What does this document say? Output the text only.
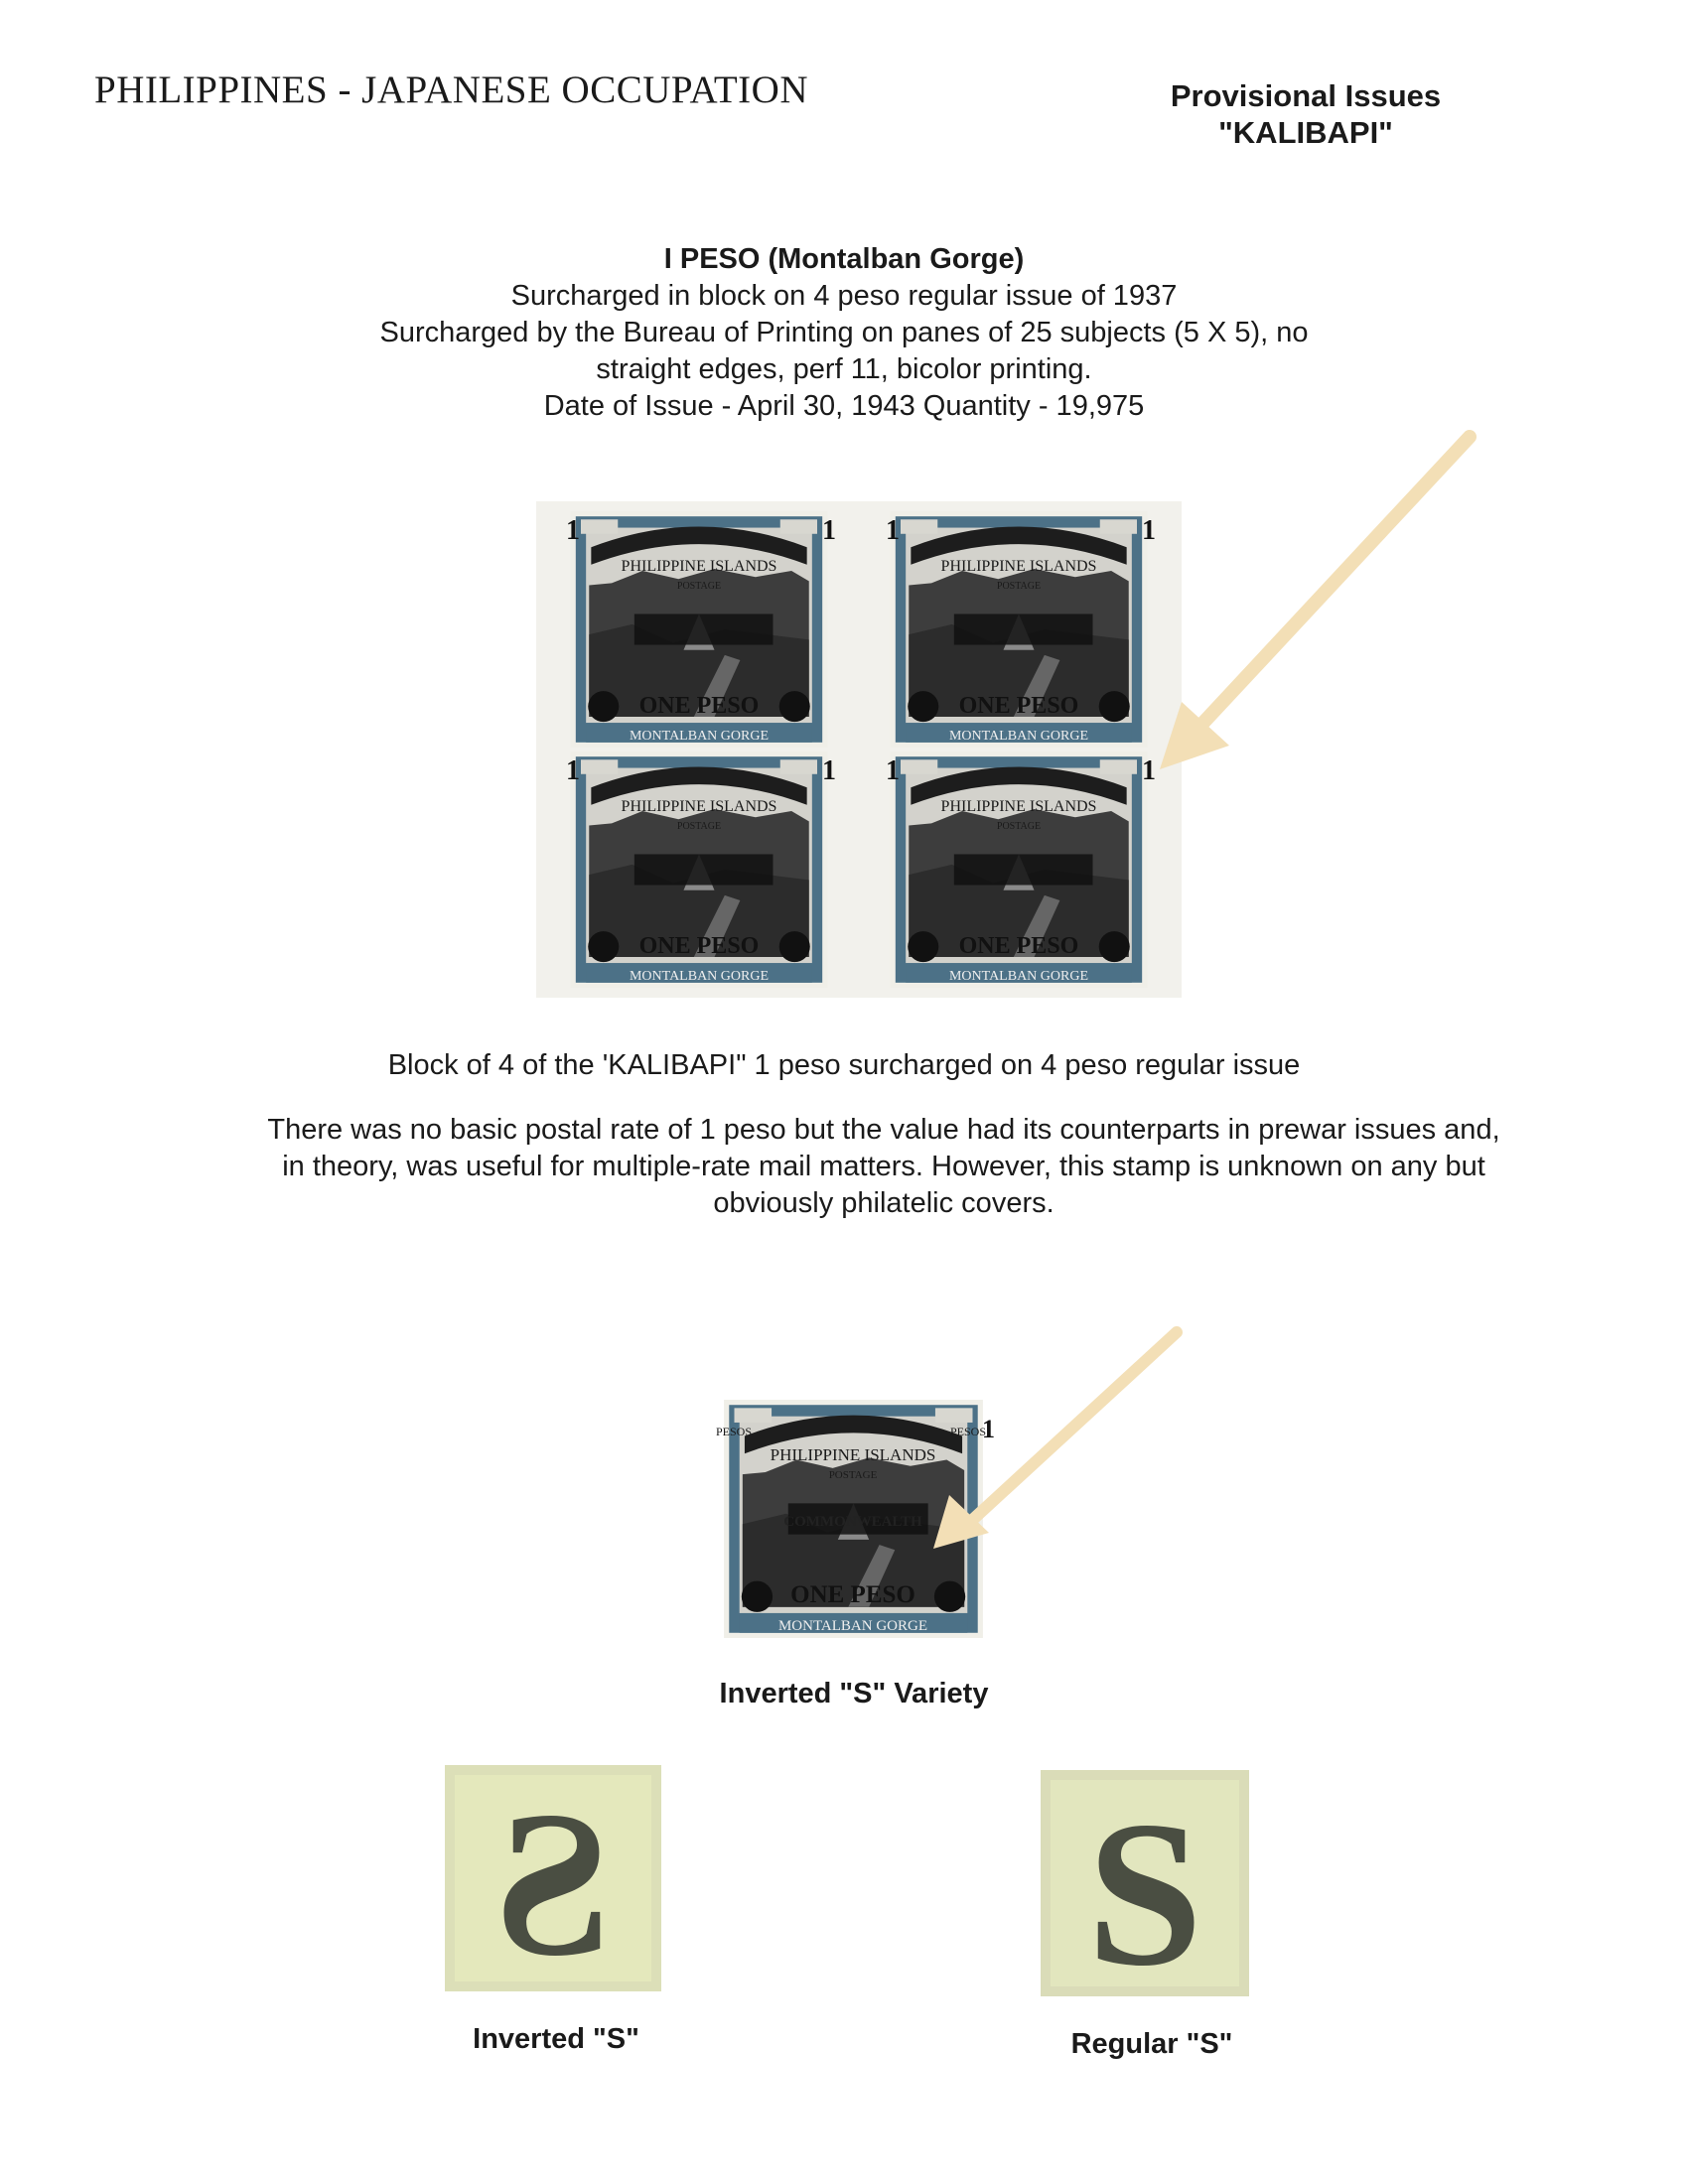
PHILIPPINES - JAPANESE OCCUPATION	Provisional Issues
"KALIBAPI"
I PESO (Montalban Gorge)
Surcharged in block on 4 peso regular issue of 1937
Surcharged by the Bureau of Printing on panes of 25 subjects (5 X 5), no
straight edges, perf 11, bicolor printing.
Date of Issue - April 30, 1943 Quantity - 19,975
PHILIPPINE ISLANDS
POSTAGE
ONE PESO
MONTALBAN GORGE
1	1
PHILIPPINE ISLANDS
POSTAGE
ONE PESO
MONTALBAN GORGE
1	1
PHILIPPINE ISLANDS
POSTAGE
ONE PESO
MONTALBAN GORGE
1	1
PHILIPPINE ISLANDS
POSTAGE
ONE PESO
MONTALBAN GORGE
1	1
Block of 4 of the 'KALIBAPI" 1 peso surcharged on 4 peso regular issue
There was no basic postal rate of 1 peso but the value had its counterparts in prewar issues and,
in theory, was useful for multiple-rate mail matters. However, this stamp is unknown on any but
obviously philatelic covers.
PHILIPPINE ISLANDS
POSTAGE
COMMONWEALTH
ONE PESO
MONTALBAN GORGE
PESOS	PESOS
1
Inverted "S" Variety
S S
Inverted "S"	Regular "S"
